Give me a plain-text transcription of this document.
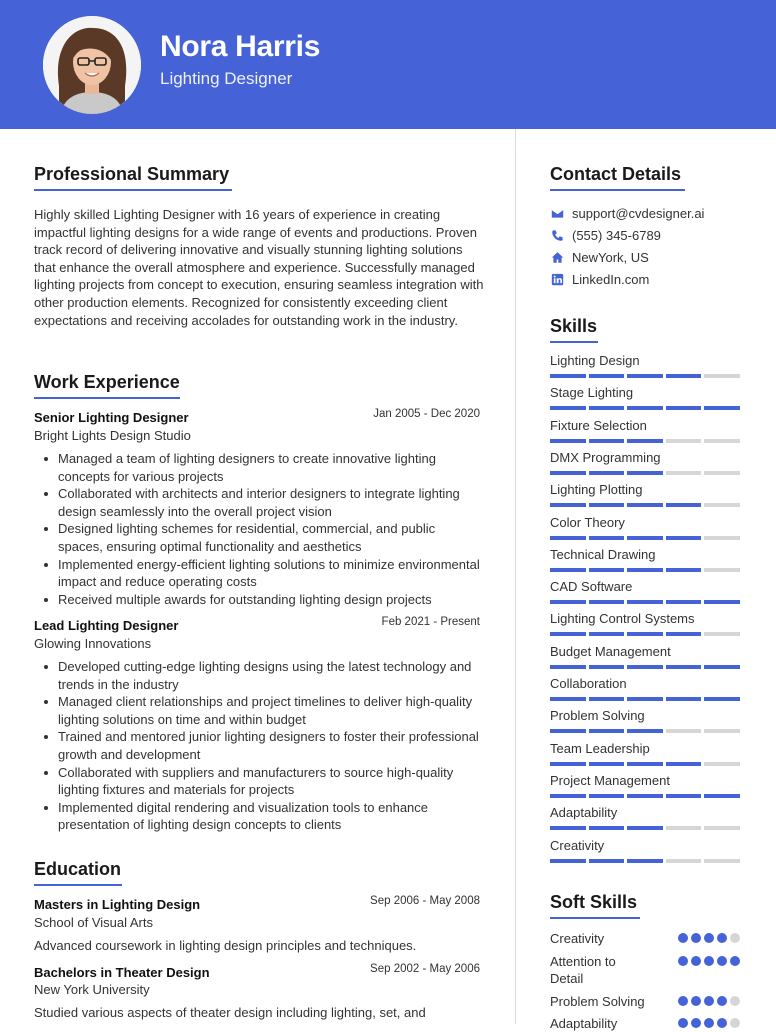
Nora Harris
Lighting Designer
Professional Summary
Highly skilled Lighting Designer with 16 years of experience in creating impactful lighting designs for a wide range of events and productions. Proven track record of delivering innovative and visually stunning lighting solutions that enhance the overall atmosphere and experience. Successfully managed lighting projects from concept to execution, ensuring seamless integration with other production elements. Recognized for consistently exceeding client expectations and receiving accolades for outstanding work in the industry.
Work Experience
Senior Lighting Designer	Jan 2005 - Dec 2020
Bright Lights Design Studio
Managed a team of lighting designers to create innovative lighting concepts for various projects
Collaborated with architects and interior designers to integrate lighting design seamlessly into the overall project vision
Designed lighting schemes for residential, commercial, and public spaces, ensuring optimal functionality and aesthetics
Implemented energy-efficient lighting solutions to minimize environmental impact and reduce operating costs
Received multiple awards for outstanding lighting design projects
Lead Lighting Designer	Feb 2021 - Present
Glowing Innovations
Developed cutting-edge lighting designs using the latest technology and trends in the industry
Managed client relationships and project timelines to deliver high-quality lighting solutions on time and within budget
Trained and mentored junior lighting designers to foster their professional growth and development
Collaborated with suppliers and manufacturers to source high-quality lighting fixtures and materials for projects
Implemented digital rendering and visualization tools to enhance presentation of lighting design concepts to clients
Education
Masters in Lighting Design	Sep 2006 - May 2008
School of Visual Arts
Advanced coursework in lighting design principles and techniques.
Bachelors in Theater Design	Sep 2002 - May 2006
New York University
Studied various aspects of theater design including lighting, set, and
Contact Details
support@cvdesigner.ai
(555) 345-6789
NewYork, US
LinkedIn.com
Skills
Lighting Design
Stage Lighting
Fixture Selection
DMX Programming
Lighting Plotting
Color Theory
Technical Drawing
CAD Software
Lighting Control Systems
Budget Management
Collaboration
Problem Solving
Team Leadership
Project Management
Adaptability
Creativity
Soft Skills
Creativity
Attention to Detail
Problem Solving
Adaptability
